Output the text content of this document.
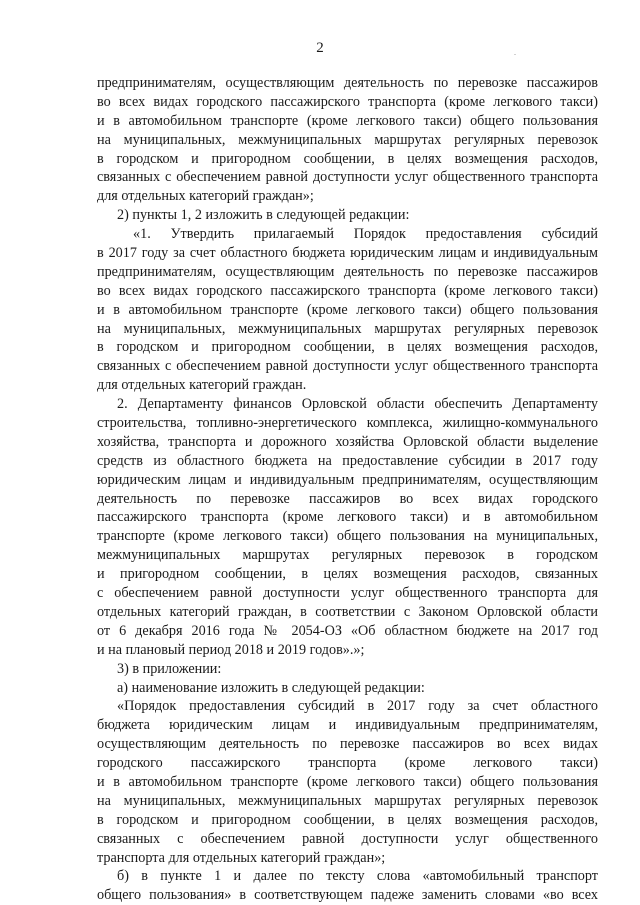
2	.
предпринимателям, осуществляющим деятельность по перевозке пассажиров
во всех видах городского пассажирского транспорта (кроме легкового такси)
и в автомобильном транспорте (кроме легкового такси) общего пользования
на муниципальных, межмуниципальных маршрутах регулярных перевозок
в городском и пригородном сообщении, в целях возмещения расходов,
связанных с обеспечением равной доступности услуг общественного транспорта
для отдельных категорий граждан»;
2) пункты 1, 2 изложить в следующей редакции:
«1. Утвердить прилагаемый Порядок предоставления субсидий
в 2017 году за счет областного бюджета юридическим лицам и индивидуальным
предпринимателям, осуществляющим деятельность по перевозке пассажиров
во всех видах городского пассажирского транспорта (кроме легкового такси)
и в автомобильном транспорте (кроме легкового такси) общего пользования
на муниципальных, межмуниципальных маршрутах регулярных перевозок
в городском и пригородном сообщении, в целях возмещения расходов,
связанных с обеспечением равной доступности услуг общественного транспорта
для отдельных категорий граждан.
2. Департаменту финансов Орловской области обеспечить Департаменту
строительства, топливно-энергетического комплекса, жилищно-коммунального
хозяйства, транспорта и дорожного хозяйства Орловской области выделение
средств из областного бюджета на предоставление субсидии в 2017 году
юридическим лицам и индивидуальным предпринимателям, осуществляющим
деятельность по перевозке пассажиров во всех видах городского
пассажирского транспорта (кроме легкового такси) и в автомобильном
транспорте (кроме легкового такси) общего пользования на муниципальных,
межмуниципальных маршрутах регулярных перевозок в городском
и пригородном сообщении, в целях возмещения расходов, связанных
с обеспечением равной доступности услуг общественного транспорта для
отдельных категорий граждан, в соответствии с Законом Орловской области
от 6 декабря 2016 года № 2054-ОЗ «Об областном бюджете на 2017 год
и на плановый период 2018 и 2019 годов».»;
3) в приложении:
а) наименование изложить в следующей редакции:
«Порядок предоставления субсидий в 2017 году за счет областного
бюджета юридическим лицам и индивидуальным предпринимателям,
осуществляющим деятельность по перевозке пассажиров во всех видах
городского пассажирского транспорта (кроме легкового такси)
и в автомобильном транспорте (кроме легкового такси) общего пользования
на муниципальных, межмуниципальных маршрутах регулярных перевозок
в городском и пригородном сообщении, в целях возмещения расходов,
связанных с обеспечением равной доступности услуг общественного
транспорта для отдельных категорий граждан»;
б) в пункте 1 и далее по тексту слова «автомобильный транспорт
общего пользования» в соответствующем падеже заменить словами «во всех
